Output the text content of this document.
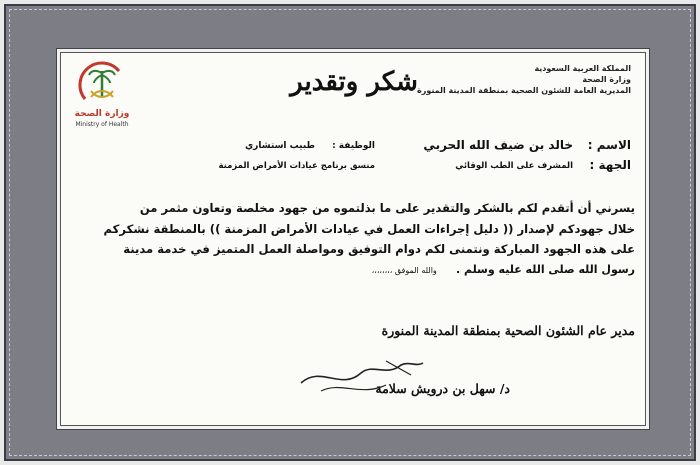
المملكة العربية السعودية
وزارة الصحة
المديرية العامة للشئون الصحية بمنطقة المدينة المنورة
شكر وتقدير
وزارة الصحة
Ministry of Health
الاسم :
خالد بن ضيف الله الحربي
الوظيفة :
طبيب استشاري
الجهة :
المشرف على الطب الوقائي
منسق برنامج عيادات الأمراض المزمنة

يسرني أن أتقدم لكم بالشكر والتقدير على ما بذلتموه من جهود مخلصة وتعاون مثمر من

خلال جهودكم لإصدار (( دليل إجراءات العمل في عيادات الأمراض المزمنة )) بالمنطقة نشكركم

على هذه الجهود المباركة ونتمنى لكم دوام التوفيق ومواصلة العمل المتميز في خدمة مدينة

رسول الله صلى الله عليه وسلم .     والله الموفق ،،،،،،،،

مدير عام الشئون الصحية بمنطقة المدينة المنورة
د/ سهل بن درويش سلامة
